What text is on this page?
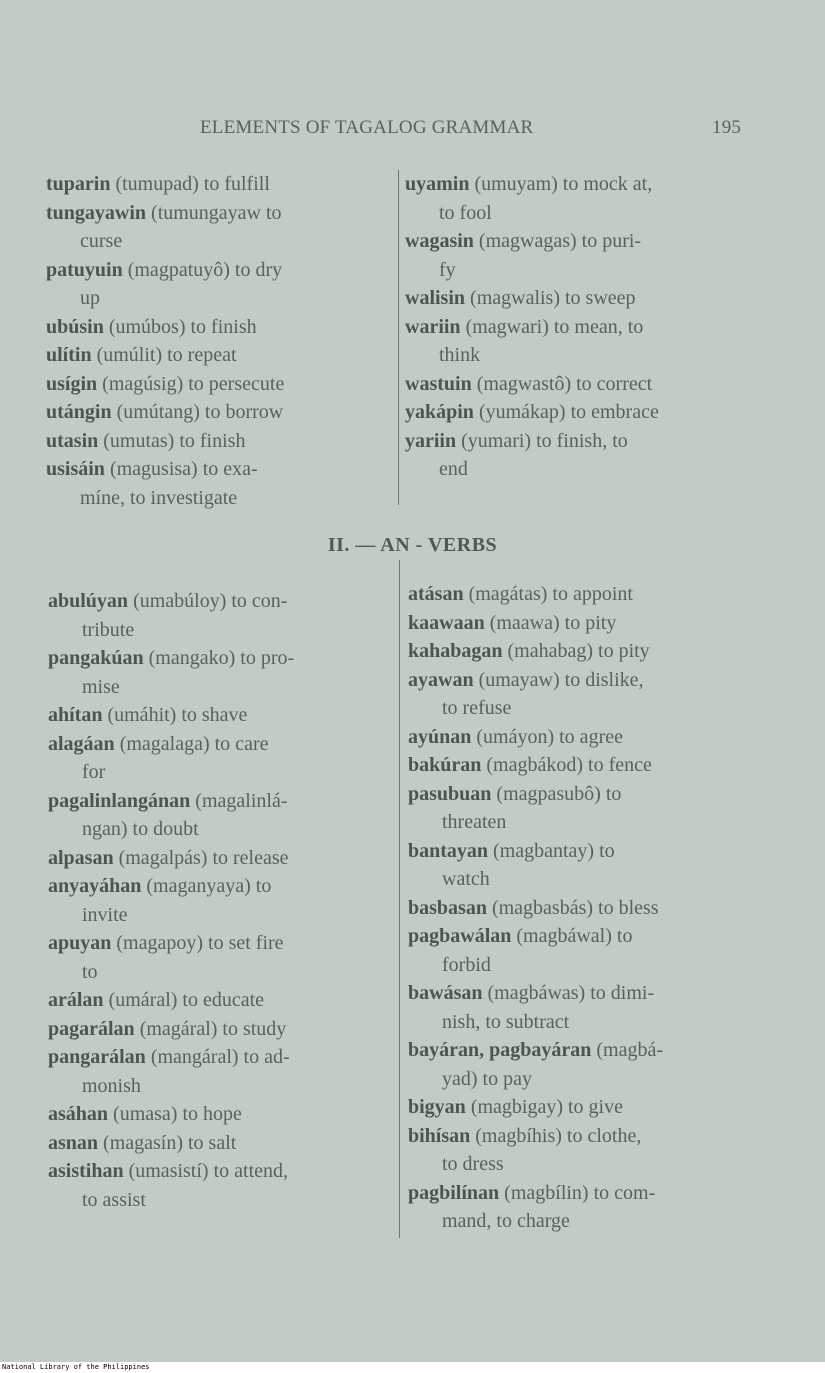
ELEMENTS OF TAGALOG GRAMMAR	195
tuparin (tumupad) to fulfill
tungayawin (tumungayaw to
curse
patuyuin (magpatuyô) to dry
up
ubúsin (umúbos) to finish
ulítin (umúlit) to repeat
usígin (magúsig) to persecute
utángin (umútang) to borrow
utasin (umutas) to finish
usisáin (magusisa) to exa-
míne, to investigate
uyamin (umuyam) to mock at,
to fool
wagasin (magwagas) to puri-
fy
walisin (magwalis) to sweep
wariin (magwari) to mean, to
think
wastuin (magwastô) to correct
yakápin (yumákap) to embrace
yariin (yumari) to finish, to
end
II. — AN - VERBS
abulúyan (umabúloy) to con-
tribute
pangakúan (mangako) to pro-
mise
ahítan (umáhit) to shave
alagáan (magalaga) to care
for
pagalinlangánan (magalinlá-
ngan) to doubt
alpasan (magalpás) to release
anyayáhan (maganyaya) to
invite
apuyan (magapoy) to set fire
to
arálan (umáral) to educate
pagarálan (magáral) to study
pangarálan (mangáral) to ad-
monish
asáhan (umasa) to hope
asnan (magasín) to salt
asistihan (umasistí) to attend,
to assist
atásan (magátas) to appoint
kaawaan (maawa) to pity
kahabagan (mahabag) to pity
ayawan (umayaw) to dislike,
to refuse
ayúnan (umáyon) to agree
bakúran (magbákod) to fence
pasubuan (magpasubô) to
threaten
bantayan (magbantay) to
watch
basbasan (magbasbás) to bless
pagbawálan (magbáwal) to
forbid
bawásan (magbáwas) to dimi-
nish, to subtract
bayáran, pagbayáran (magbá-
yad) to pay
bigyan (magbigay) to give
bihísan (magbíhis) to clothe,
to dress
pagbilínan (magbílin) to com-
mand, to charge
National Library of the Philippines
